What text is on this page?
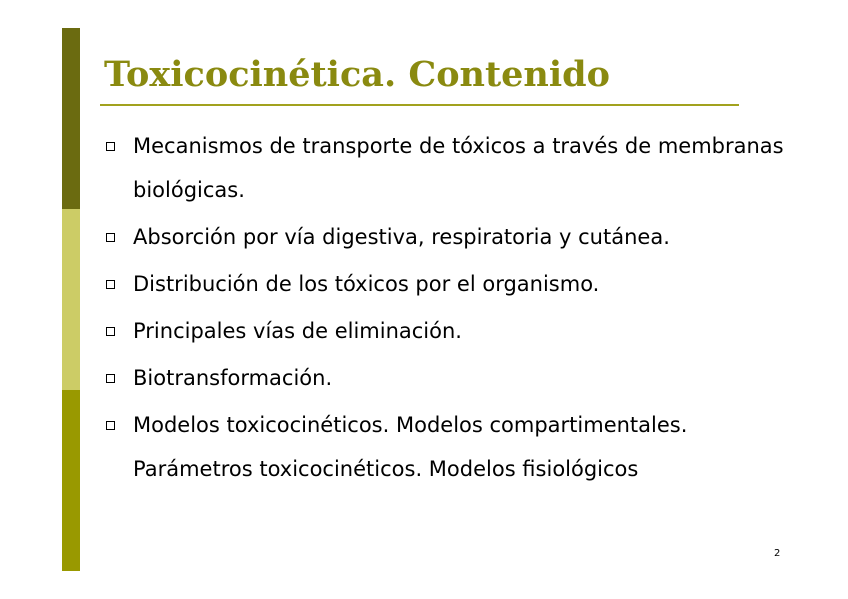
Toxicocinética. Contenido
Mecanismos de transporte de tóxicos a través de membranas biológicas.
Absorción por vía digestiva, respiratoria y cutánea.
Distribución de los tóxicos por el organismo.
Principales vías de eliminación.
Biotransformación.
Modelos toxicocinéticos. Modelos compartimentales. Parámetros toxicocinéticos. Modelos fisiológicos
2
